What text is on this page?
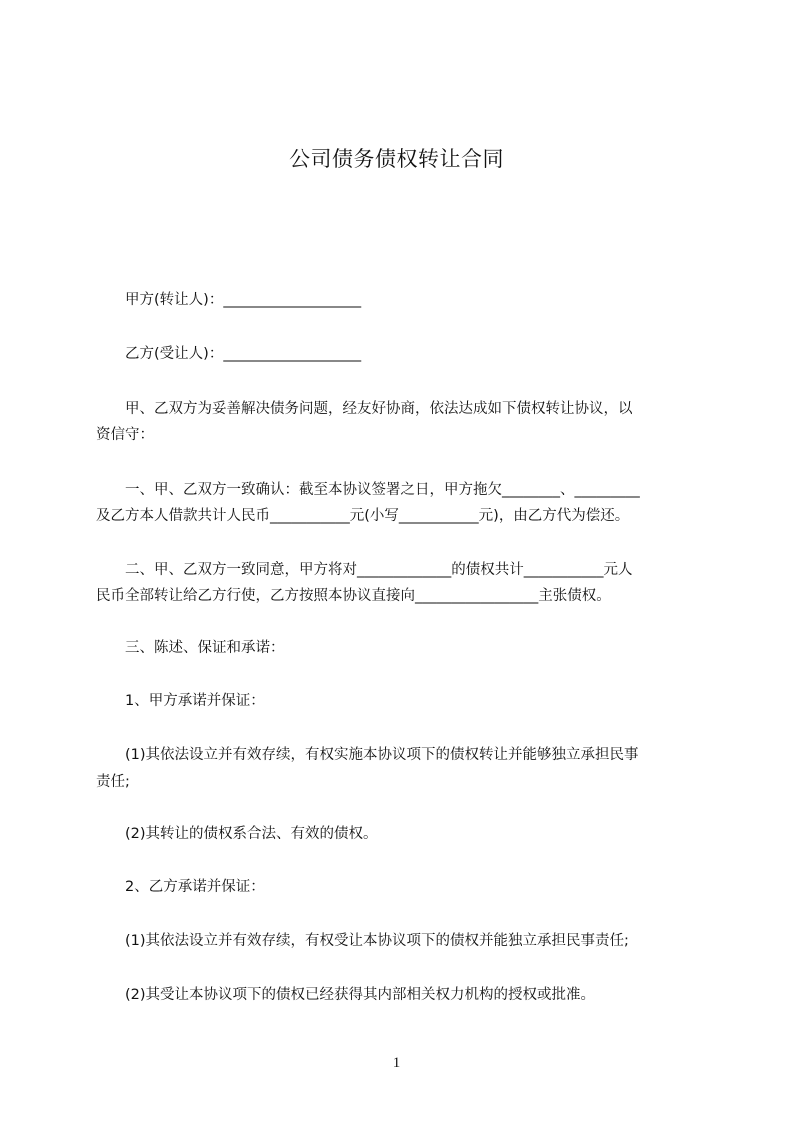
公司债务债权转让合同
　　甲方(转让人)：___________________
　　乙方(受让人)：___________________
　　甲、乙双方为妥善解决债务问题，经友好协商，依法达成如下债权转让协议，以
资信守：
　　一、甲、乙双方一致确认：截至本协议签署之日，甲方拖欠________、_________
及乙方本人借款共计人民币___________元(小写___________元)，由乙方代为偿还。
　　二、甲、乙双方一致同意，甲方将对_____________的债权共计___________元人
民币全部转让给乙方行使，乙方按照本协议直接向_________________主张债权。
　　三、陈述、保证和承诺：
　　1、甲方承诺并保证：
　　(1)其依法设立并有效存续，有权实施本协议项下的债权转让并能够独立承担民事
责任;
　　(2)其转让的债权系合法、有效的债权。
　　2、乙方承诺并保证：
　　(1)其依法设立并有效存续，有权受让本协议项下的债权并能独立承担民事责任;
　　(2)其受让本协议项下的债权已经获得其内部相关权力机构的授权或批准。
1
